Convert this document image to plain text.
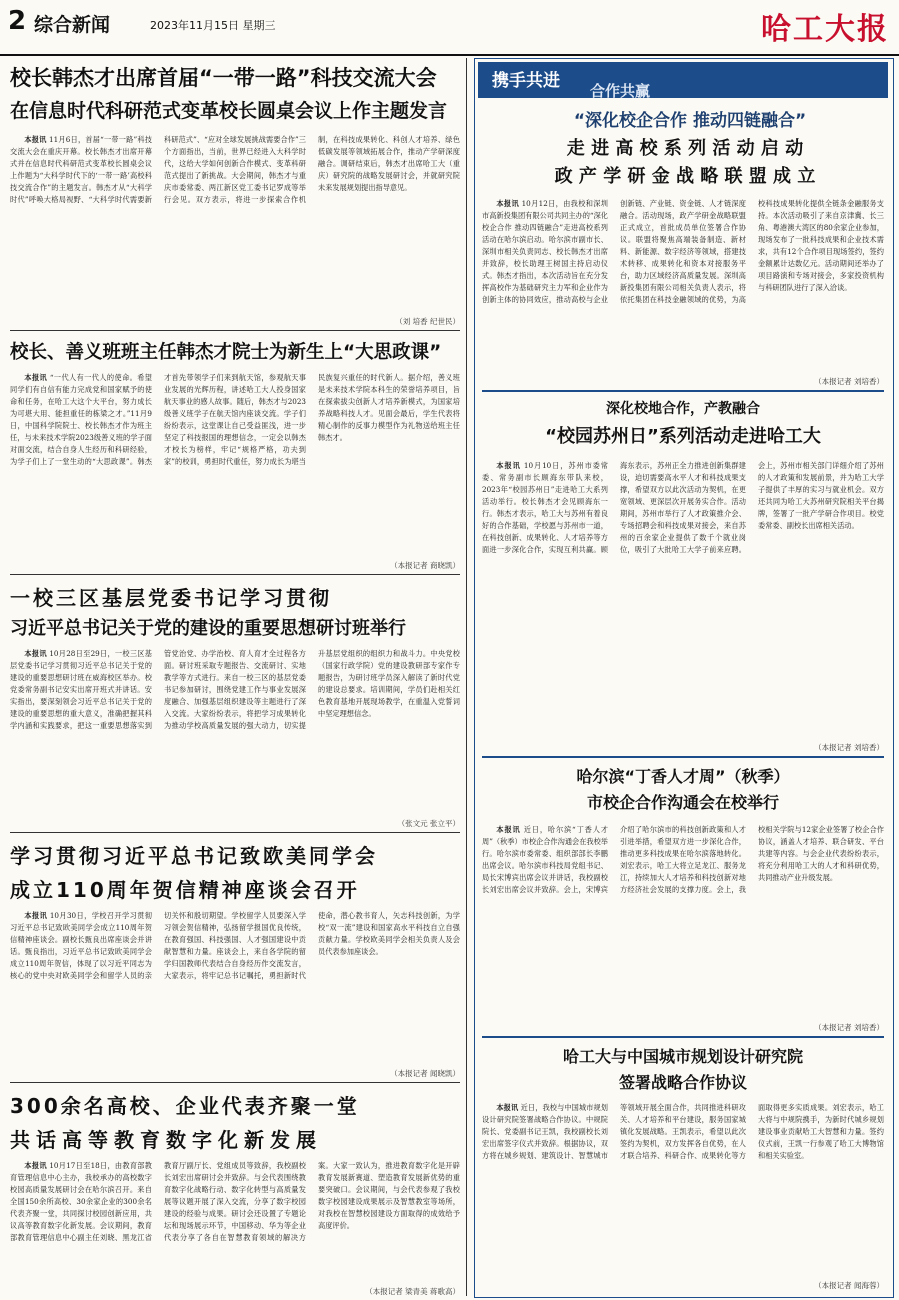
2 综合新闻	2023年11月15日 星期三	哈工大报
校长韩杰才出席首届“一带一路”科技交流大会
在信息时代科研范式变革校长圆桌会议上作主题发言

本报讯 11月6日，首届“一带一路”科技交流大会在重庆开幕。校长韩杰才出席开幕式并在信息时代科研范式变革校长圆桌会议上作题为“大科学时代下的‘一带一路’高校科技交流合作”的主题发言。韩杰才从“大科学时代”呼唤大格局视野、“大科学时代需要新科研范式”、“应对全球发展挑战需要合作”三个方面指出，当前，世界已经进入大科学时代，这给大学如何创新合作模式、变革科研范式提出了新挑战。大会期间，韩杰才与重庆市委常委、两江新区党工委书记罗成等举行会见。双方表示，将进一步探索合作机制，在科技成果转化、科创人才培养、绿色低碳发展等领域拓展合作，推动产学研深度融合。调研结束后，韩杰才出席哈工大（重庆）研究院的战略发展研讨会，并就研究院未来发展规划提出指导意见。

（刘 培香 纪世民）
校长、善义班班主任韩杰才院士为新生上“大思政课”

本报讯 “一代人有一代人的使命。希望同学们有自信有能力完成党和国家赋予的使命和任务，在哈工大这个大平台，努力成长为可堪大用、能担重任的栋梁之才。”11月9日，中国科学院院士、校长韩杰才作为班主任，与未来技术学院2023级善义班的学子面对面交流，结合自身人生经历和科研经验，为学子们上了一堂生动的“大思政课”。韩杰才首先带领学子们来到航天馆，参观航天事业发展的光辉历程，讲述哈工大人投身国家航天事业的感人故事。随后，韩杰才与2023级善义班学子在航天馆内座谈交流。学子们纷纷表示，这堂课让自己受益匪浅，进一步坚定了科技报国的理想信念，一定会以韩杰才校长为榜样，牢记“规格严格，功夫到家”的校训，勇担时代重任，努力成长为堪当民族复兴重任的时代新人。据介绍，善义班是未来技术学院本科生的荣誉培养项目，旨在探索拔尖创新人才培养新模式，为国家培养战略科技人才。见面会最后，学生代表将精心制作的反事力模型作为礼物送给班主任韩杰才。

（本报记者 商晓凯）
一校三区基层党委书记学习贯彻
习近平总书记关于党的建设的重要思想研讨班举行

本报讯 10月28日至29日，一校三区基层党委书记学习贯彻习近平总书记关于党的建设的重要思想研讨班在威海校区举办。校党委常务副书记安实出席开班式并讲话。安实指出，要深刻领会习近平总书记关于党的建设的重要思想的重大意义，准确把握其科学内涵和实践要求，把这一重要思想落实到管党治党、办学治校、育人育才全过程各方面。研讨班采取专题报告、交流研讨、实地教学等方式进行。来自一校三区的基层党委书记参加研讨，围绕党建工作与事业发展深度融合、加强基层组织建设等主题进行了深入交流。大家纷纷表示，将把学习成果转化为推动学校高质量发展的强大动力，切实提升基层党组织的组织力和战斗力。中央党校（国家行政学院）党的建设教研部专家作专题报告，为研讨班学员深入解读了新时代党的建设总要求。培训期间，学员们赴相关红色教育基地开展现场教学，在重温入党誓词中坚定理想信念。

（张文元 张立平）
学习贯彻习近平总书记致欧美同学会
成立110周年贺信精神座谈会召开

本报讯 10月30日，学校召开学习贯彻习近平总书记致欧美同学会成立110周年贺信精神座谈会。副校长甄良出席座谈会并讲话。甄良指出，习近平总书记致欧美同学会成立110周年贺信，体现了以习近平同志为核心的党中央对欧美同学会和留学人员的亲切关怀和殷切期望。学校留学人员要深入学习领会贺信精神，弘扬留学报国优良传统，在教育强国、科技强国、人才强国建设中贡献智慧和力量。座谈会上，来自各学院的留学归国教师代表结合自身经历作交流发言，大家表示，将牢记总书记嘱托，勇担新时代使命，潜心教书育人，矢志科技创新，为学校“双一流”建设和国家高水平科技自立自强贡献力量。学校欧美同学会相关负责人及会员代表参加座谈会。

（本报记者 闻晓凯）
300余名高校、企业代表齐聚一堂
共话高等教育数字化新发展

本报讯 10月17日至18日，由教育部教育管理信息中心主办，我校承办的高校数字校园高质量发展研讨会在哈尔滨召开。来自全国150余所高校、30余家企业的300余名代表齐聚一堂，共同探讨校园创新应用，共议高等教育数字化新发展。会议期间，教育部教育管理信息中心副主任刘晓、黑龙江省教育厅副厅长、党组成员等致辞，我校副校长刘宏出席研讨会并致辞。与会代表围绕教育数字化战略行动、数字化转型与高质量发展等议题开展了深入交流，分享了数字校园建设的经验与成果。研讨会还设置了专题论坛和现场展示环节，中国移动、华为等企业代表分享了各自在智慧教育领域的解决方案。大家一致认为，推进教育数字化是开辟教育发展新赛道、塑造教育发展新优势的重要突破口。会议期间，与会代表参观了我校数字校园建设成果展示及智慧教室等场所，对我校在智慧校园建设方面取得的成效给予高度评价。

（本报记者 梁青美 蒋歌高）
携手共进 合作共赢
“深化校企合作 推动四链融合”
走 进 高 校 系 列 活 动 启 动
政 产 学 研 金 战 略 联 盟 成 立

本报讯 10月12日，由我校和深圳市高新投集团有限公司共同主办的“深化校企合作 推动四链融合”走进高校系列活动在哈尔滨启动。哈尔滨市副市长、深圳市相关负责同志、校长韩杰才出席并致辞，校长助理王树国主持启动仪式。韩杰才指出，本次活动旨在充分发挥高校作为基础研究主力军和企业作为创新主体的协同效应，推动高校与企业创新链、产业链、资金链、人才链深度融合。活动现场，政产学研金战略联盟正式成立，首批成员单位签署合作协议。联盟将聚焦高端装备制造、新材料、新能源、数字经济等领域，搭建技术转移、成果转化和资本对接服务平台，助力区域经济高质量发展。深圳高新投集团有限公司相关负责人表示，将依托集团在科技金融领域的优势，为高校科技成果转化提供全链条金融服务支持。本次活动吸引了来自京津冀、长三角、粤港澳大湾区的80余家企业参加，现场发布了一批科技成果和企业技术需求，共有12个合作项目现场签约，签约金额累计达数亿元。活动期间还举办了项目路演和专场对接会，多家投资机构与科研团队进行了深入洽谈。

（本报记者 刘培香）
深化校地合作，产教融合
“校园苏州日”系列活动走进哈工大

本报讯 10月10日，苏州市委常委、常务副市长顾海东带队来校，2023年“校园苏州日”走进哈工大系列活动举行。校长韩杰才会见顾海东一行。韩杰才表示，哈工大与苏州有着良好的合作基础，学校愿与苏州市一道，在科技创新、成果转化、人才培养等方面进一步深化合作，实现互利共赢。顾海东表示，苏州正全力推进创新集群建设，迫切需要高水平人才和科技成果支撑，希望双方以此次活动为契机，在更宽领域、更深层次开展务实合作。活动期间，苏州市举行了人才政策推介会、专场招聘会和科技成果对接会，来自苏州的百余家企业提供了数千个就业岗位，吸引了大批哈工大学子前来应聘。会上，苏州市相关部门详细介绍了苏州的人才政策和发展前景，并为哈工大学子提供了丰厚的实习与就业机会。双方还共同为哈工大苏州研究院相关平台揭牌，签署了一批产学研合作项目。校党委常委、副校长出席相关活动。

（本报记者 刘培香）
哈尔滨“丁香人才周”（秋季）
市校企合作沟通会在校举行

本报讯 近日，哈尔滨“丁香人才周”（秋季）市校企合作沟通会在我校举行。哈尔滨市委常委、组织部部长李鹏出席会议。哈尔滨市科技局党组书记、局长宋博宾出席会议并讲话，我校副校长刘宏出席会议并致辞。会上，宋博宾介绍了哈尔滨市的科技创新政策和人才引进举措，希望双方进一步深化合作，推动更多科技成果在哈尔滨落地转化。刘宏表示，哈工大将立足龙江、服务龙江，持续加大人才培养和科技创新对地方经济社会发展的支撑力度。会上，我校相关学院与12家企业签署了校企合作协议，涵盖人才培养、联合研发、平台共建等内容。与会企业代表纷纷表示，将充分利用哈工大的人才和科研优势，共同推动产业升级发展。

（本报记者 刘培香）
哈工大与中国城市规划设计研究院
签署战略合作协议

本报讯 近日，我校与中国城市规划设计研究院签署战略合作协议。中规院院长、党委副书记王凯，我校副校长刘宏出席签字仪式并致辞。根据协议，双方将在城乡规划、建筑设计、智慧城市等领域开展全面合作，共同推进科研攻关、人才培养和平台建设，服务国家城镇化发展战略。王凯表示，希望以此次签约为契机，双方发挥各自优势，在人才联合培养、科研合作、成果转化等方面取得更多实质成果。刘宏表示，哈工大将与中规院携手，为新时代城乡规划建设事业贡献哈工大智慧和力量。签约仪式前，王凯一行参观了哈工大博物馆和相关实验室。

（本报记者 闻海蓉）
